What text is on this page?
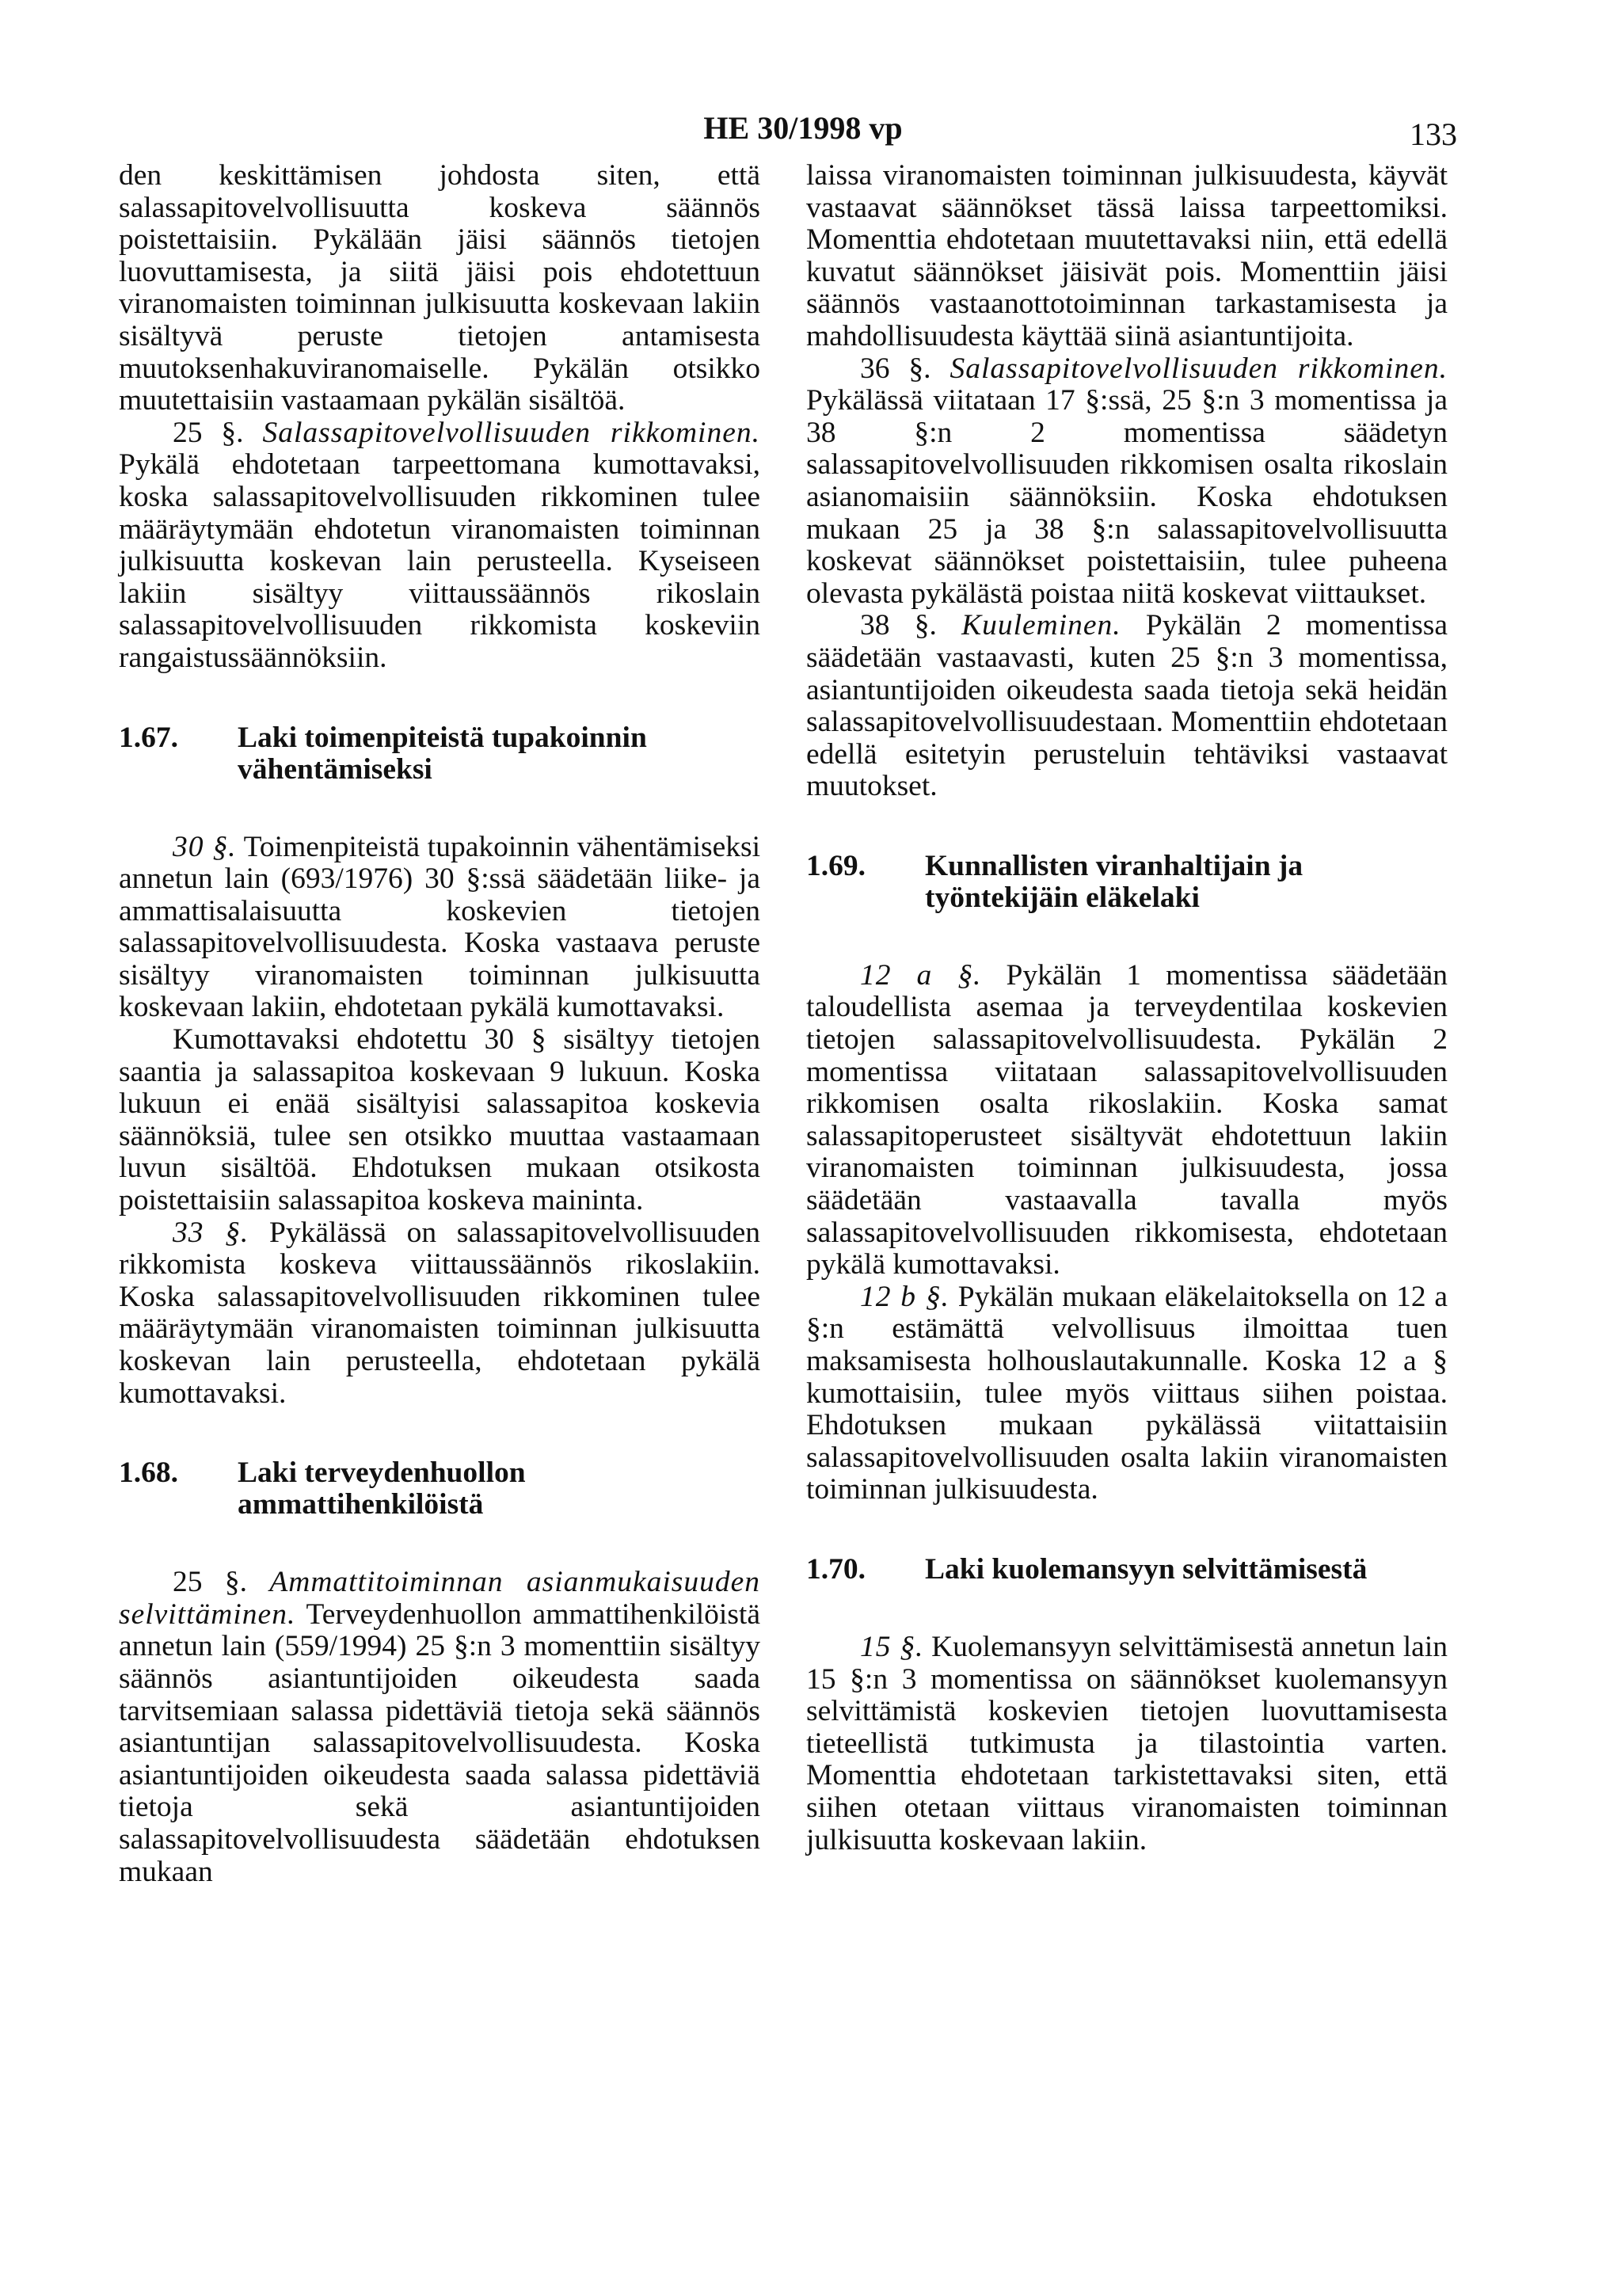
HE 30/1998 vp	133

den keskittämisen johdosta siten, että salassapitovelvollisuutta koskeva säännös poistettaisiin. Pykälään jäisi säännös tietojen luovuttamisesta, ja siitä jäisi pois ehdotettuun viranomaisten toiminnan julkisuutta koskevaan lakiin sisältyvä peruste tietojen antamisesta muutoksenhakuviranomaiselle. Pykälän otsikko muutettaisiin vastaamaan pykälän sisältöä.

25 §. Salassapitovelvollisuuden rikkominen. Pykälä ehdotetaan tarpeettomana kumottavaksi, koska salassapitovelvollisuuden rikkominen tulee määräytymään ehdotetun viranomaisten toiminnan julkisuutta koskevan lain perusteella. Kyseiseen lakiin sisältyy viittaussäännös rikoslain salassapitovelvollisuuden rikkomista koskeviin rangaistussäännöksiin.

1.67.	Laki toimenpiteistä tupakoinnin vähentämiseksi

30 §. Toimenpiteistä tupakoinnin vähentämiseksi annetun lain (693/1976) 30 §:ssä säädetään liike- ja ammattisalaisuutta koskevien tietojen salassapitovelvollisuudesta. Koska vastaava peruste sisältyy viranomaisten toiminnan julkisuutta koskevaan lakiin, ehdotetaan pykälä kumottavaksi.

Kumottavaksi ehdotettu 30 § sisältyy tietojen saantia ja salassapitoa koskevaan 9 lukuun. Koska lukuun ei enää sisältyisi salassapitoa koskevia säännöksiä, tulee sen otsikko muuttaa vastaamaan luvun sisältöä. Ehdotuksen mukaan otsikosta poistettaisiin salassapitoa koskeva maininta.

33 §. Pykälässä on salassapitovelvollisuuden rikkomista koskeva viittaussäännös rikoslakiin. Koska salassapitovelvollisuuden rikkominen tulee määräytymään viranomaisten toiminnan julkisuutta koskevan lain perusteella, ehdotetaan pykälä kumottavaksi.

1.68.	Laki terveydenhuollon ammattihenkilöistä

25 §. Ammattitoiminnan asianmukaisuuden selvittäminen. Terveydenhuollon ammattihenkilöistä annetun lain (559/1994) 25 §:n 3 momenttiin sisältyy säännös asiantuntijoiden oikeudesta saada tarvitsemiaan salassa pidettäviä tietoja sekä säännös asiantuntijan salassapitovelvollisuudesta. Koska asiantuntijoiden oikeudesta saada salassa pidettäviä tietoja sekä asiantuntijoiden salassapitovelvollisuudesta säädetään ehdotuksen mukaan

laissa viranomaisten toiminnan julkisuudesta, käyvät vastaavat säännökset tässä laissa tarpeettomiksi. Momenttia ehdotetaan muutettavaksi niin, että edellä kuvatut säännökset jäisivät pois. Momenttiin jäisi säännös vastaanottotoiminnan tarkastamisesta ja mahdollisuudesta käyttää siinä asiantuntijoita.

36 §. Salassapitovelvollisuuden rikkominen. Pykälässä viitataan 17 §:ssä, 25 §:n 3 momentissa ja 38 §:n 2 momentissa säädetyn salassapitovelvollisuuden rikkomisen osalta rikoslain asianomaisiin säännöksiin. Koska ehdotuksen mukaan 25 ja 38 §:n salassapitovelvollisuutta koskevat säännökset poistettaisiin, tulee puheena olevasta pykälästä poistaa niitä koskevat viittaukset.

38 §. Kuuleminen. Pykälän 2 momentissa säädetään vastaavasti, kuten 25 §:n 3 momentissa, asiantuntijoiden oikeudesta saada tietoja sekä heidän salassapitovelvollisuudestaan. Momenttiin ehdotetaan edellä esitetyin perusteluin tehtäviksi vastaavat muutokset.

1.69.	Kunnallisten viranhaltijain ja työntekijäin eläkelaki

12 a §. Pykälän 1 momentissa säädetään taloudellista asemaa ja terveydentilaa koskevien tietojen salassapitovelvollisuudesta. Pykälän 2 momentissa viitataan salassapitovelvollisuuden rikkomisen osalta rikoslakiin. Koska samat salassapitoperusteet sisältyvät ehdotettuun lakiin viranomaisten toiminnan julkisuudesta, jossa säädetään vastaavalla tavalla myös salassapitovelvollisuuden rikkomisesta, ehdotetaan pykälä kumottavaksi.

12 b §. Pykälän mukaan eläkelaitoksella on 12 a §:n estämättä velvollisuus ilmoittaa tuen maksamisesta holhouslautakunnalle. Koska 12 a § kumottaisiin, tulee myös viittaus siihen poistaa. Ehdotuksen mukaan pykälässä viitattaisiin salassapitovelvollisuuden osalta lakiin viranomaisten toiminnan julkisuudesta.

1.70.	Laki kuolemansyyn selvittämisestä

15 §. Kuolemansyyn selvittämisestä annetun lain 15 §:n 3 momentissa on säännökset kuolemansyyn selvittämistä koskevien tietojen luovuttamisesta tieteellistä tutkimusta ja tilastointia varten. Momenttia ehdotetaan tarkistettavaksi siten, että siihen otetaan viittaus viranomaisten toiminnan julkisuutta koskevaan lakiin.
